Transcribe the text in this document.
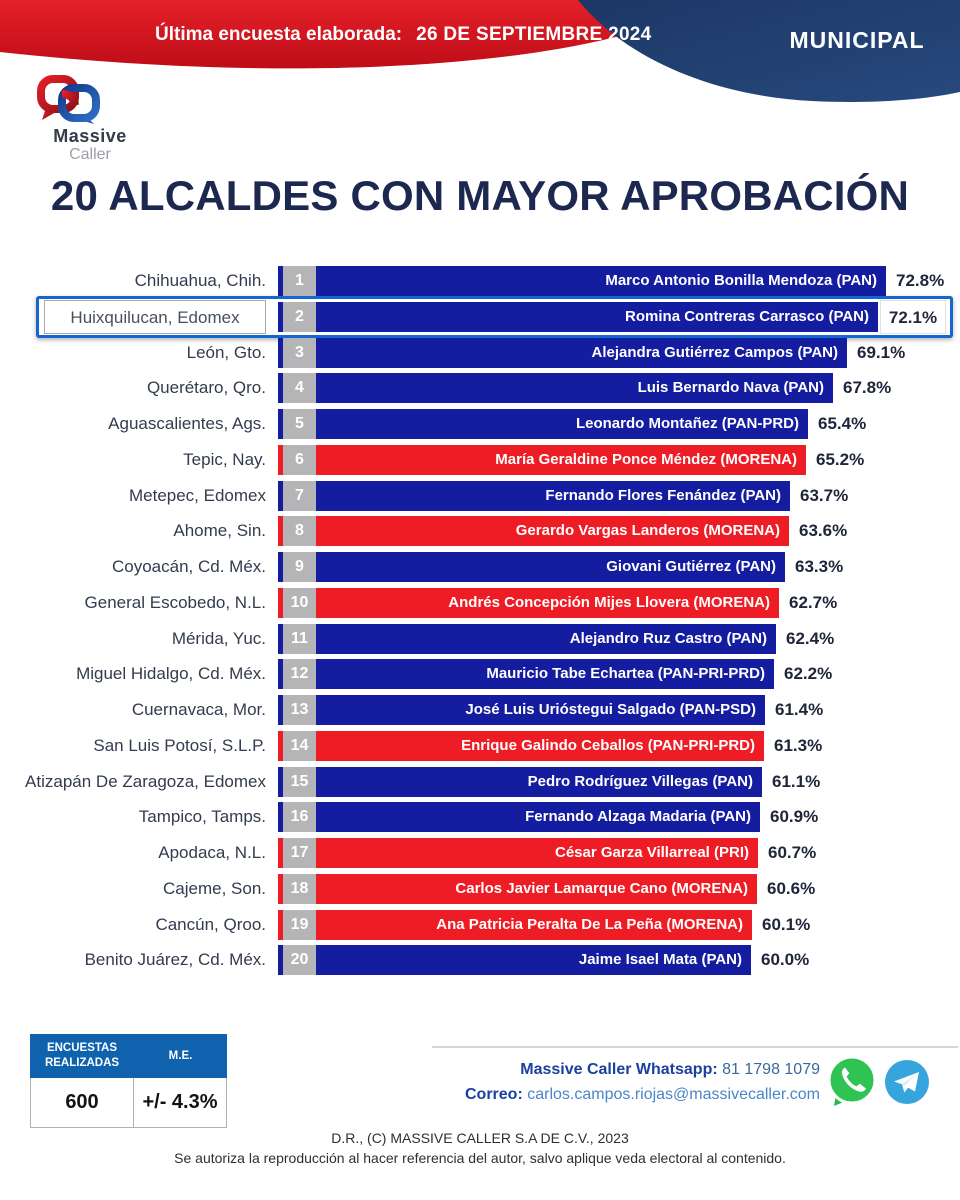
Última encuesta elaborada: 26 DE SEPTIEMBRE 2024	MUNICIPAL
Massive
Caller
20 ALCALDES CON MAYOR APROBACIÓN
Chihuahua, Chih.	1	Marco Antonio Bonilla Mendoza (PAN)	72.8%
Huixquilucan, Edomex	2	Romina Contreras Carrasco (PAN)	72.1%
León, Gto.	3	Alejandra Gutiérrez Campos (PAN)	69.1%
Querétaro, Qro.	4	Luis Bernardo Nava (PAN)	67.8%
Aguascalientes, Ags.	5	Leonardo Montañez (PAN-PRD)	65.4%
Tepic, Nay.	6	María Geraldine Ponce Méndez (MORENA)	65.2%
Metepec, Edomex	7	Fernando Flores Fenández (PAN)	63.7%
Ahome, Sin.	8	Gerardo Vargas Landeros (MORENA)	63.6%
Coyoacán, Cd. Méx.	9	Giovani Gutiérrez (PAN)	63.3%
General Escobedo, N.L.	10	Andrés Concepción Mijes Llovera (MORENA)	62.7%
Mérida, Yuc.	11	Alejandro Ruz Castro (PAN)	62.4%
Miguel Hidalgo, Cd. Méx.	12	Mauricio Tabe Echartea (PAN-PRI-PRD)	62.2%
Cuernavaca, Mor.	13	José Luis Urióstegui Salgado (PAN-PSD)	61.4%
San Luis Potosí, S.L.P.	14	Enrique Galindo Ceballos (PAN-PRI-PRD)	61.3%
Atizapán De Zaragoza, Edomex	15	Pedro Rodríguez Villegas (PAN)	61.1%
Tampico, Tamps.	16	Fernando Alzaga Madaria (PAN)	60.9%
Apodaca, N.L.	17	César Garza Villarreal (PRI)	60.7%
Cajeme, Son.	18	Carlos Javier Lamarque Cano (MORENA)	60.6%
Cancún, Qroo.	19	Ana Patricia Peralta De La Peña (MORENA)	60.1%
Benito Juárez, Cd. Méx.	20	Jaime Isael Mata (PAN)	60.0%
ENCUESTAS REALIZADAS
M.E.
600	+/- 4.3%
Massive Caller Whatsapp: 81 1798 1079
Correo: carlos.campos.riojas@massivecaller.com
D.R., (C) MASSIVE CALLER S.A DE C.V., 2023
Se autoriza la reproducción al hacer referencia del autor, salvo aplique veda electoral al contenido.
